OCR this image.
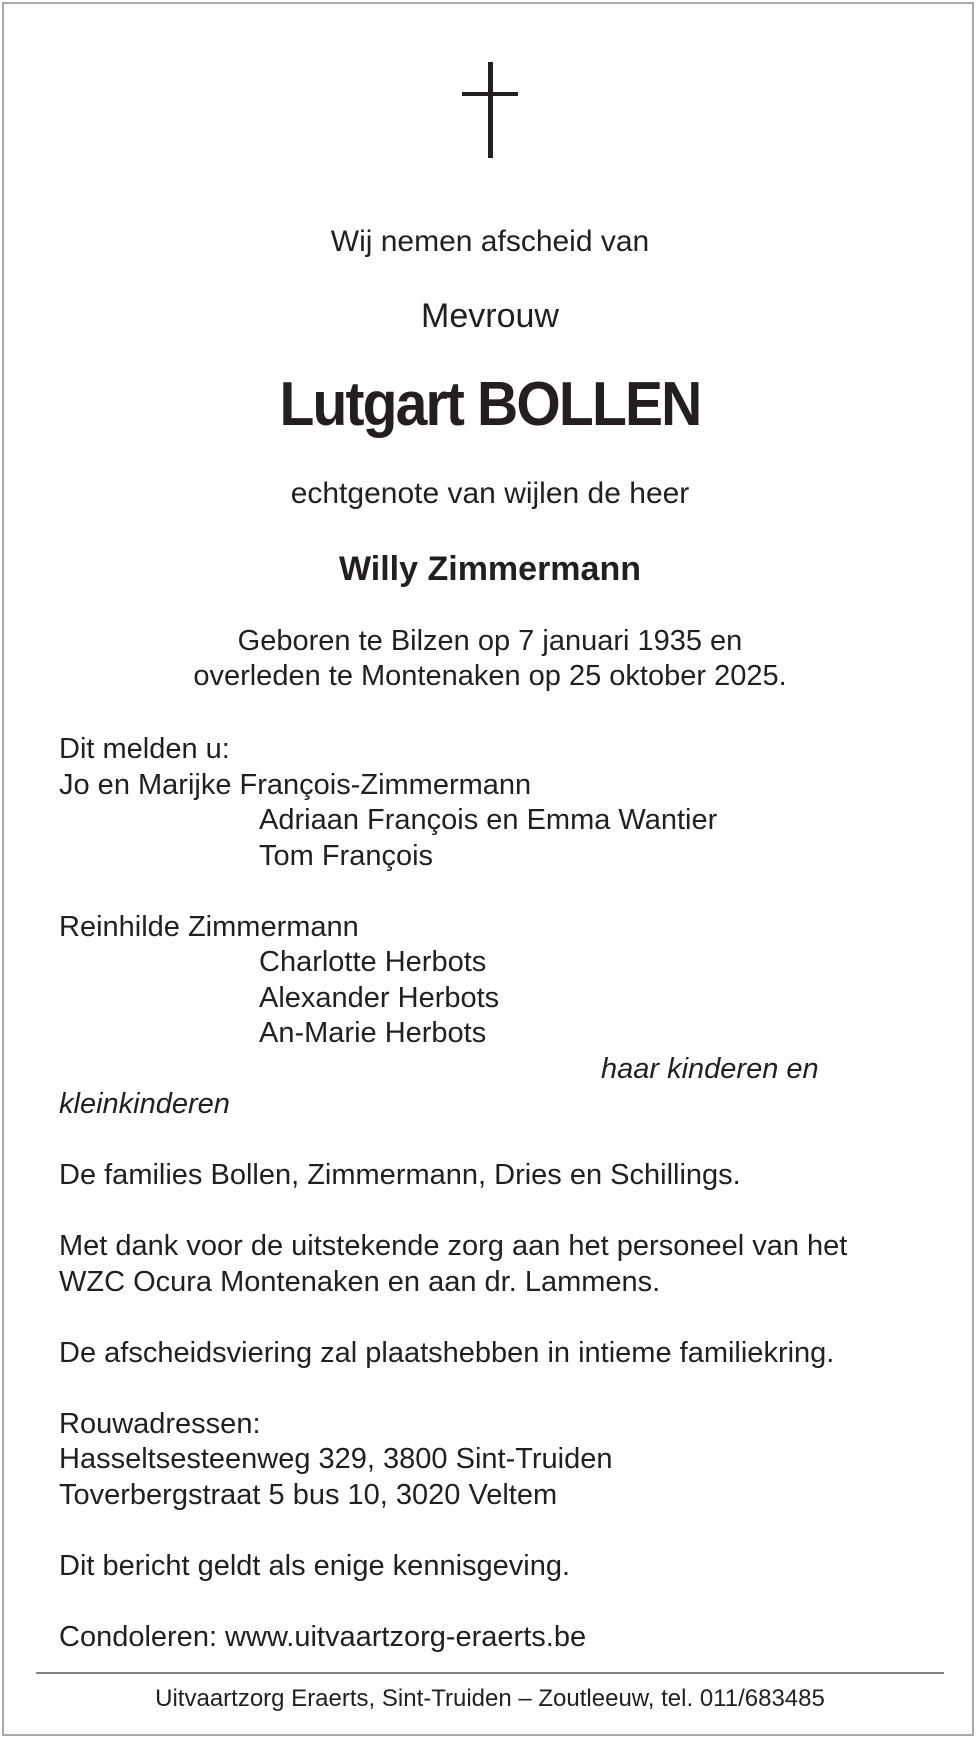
Wij nemen afscheid van
Mevrouw
Lutgart BOLLEN
echtgenote van wijlen de heer
Willy Zimmermann
Geboren te Bilzen op 7 januari 1935 en
overleden te Montenaken op 25 oktober 2025.
Dit melden u:
Jo en Marijke François-Zimmermann
Adriaan François en Emma Wantier
Tom François
Reinhilde Zimmermann
Charlotte Herbots
Alexander Herbots
An-Marie Herbots
haar kinderen en
kleinkinderen
De families Bollen, Zimmermann, Dries en Schillings.
Met dank voor de uitstekende zorg aan het personeel van het
WZC Ocura Montenaken en aan dr. Lammens.
De afscheidsviering zal plaatshebben in intieme familiekring.
Rouwadressen:
Hasseltsesteenweg 329, 3800 Sint-Truiden
Toverbergstraat 5 bus 10, 3020 Veltem
Dit bericht geldt als enige kennisgeving.
Condoleren: www.uitvaartzorg-eraerts.be
Uitvaartzorg Eraerts, Sint-Truiden – Zoutleeuw, tel. 011/683485
